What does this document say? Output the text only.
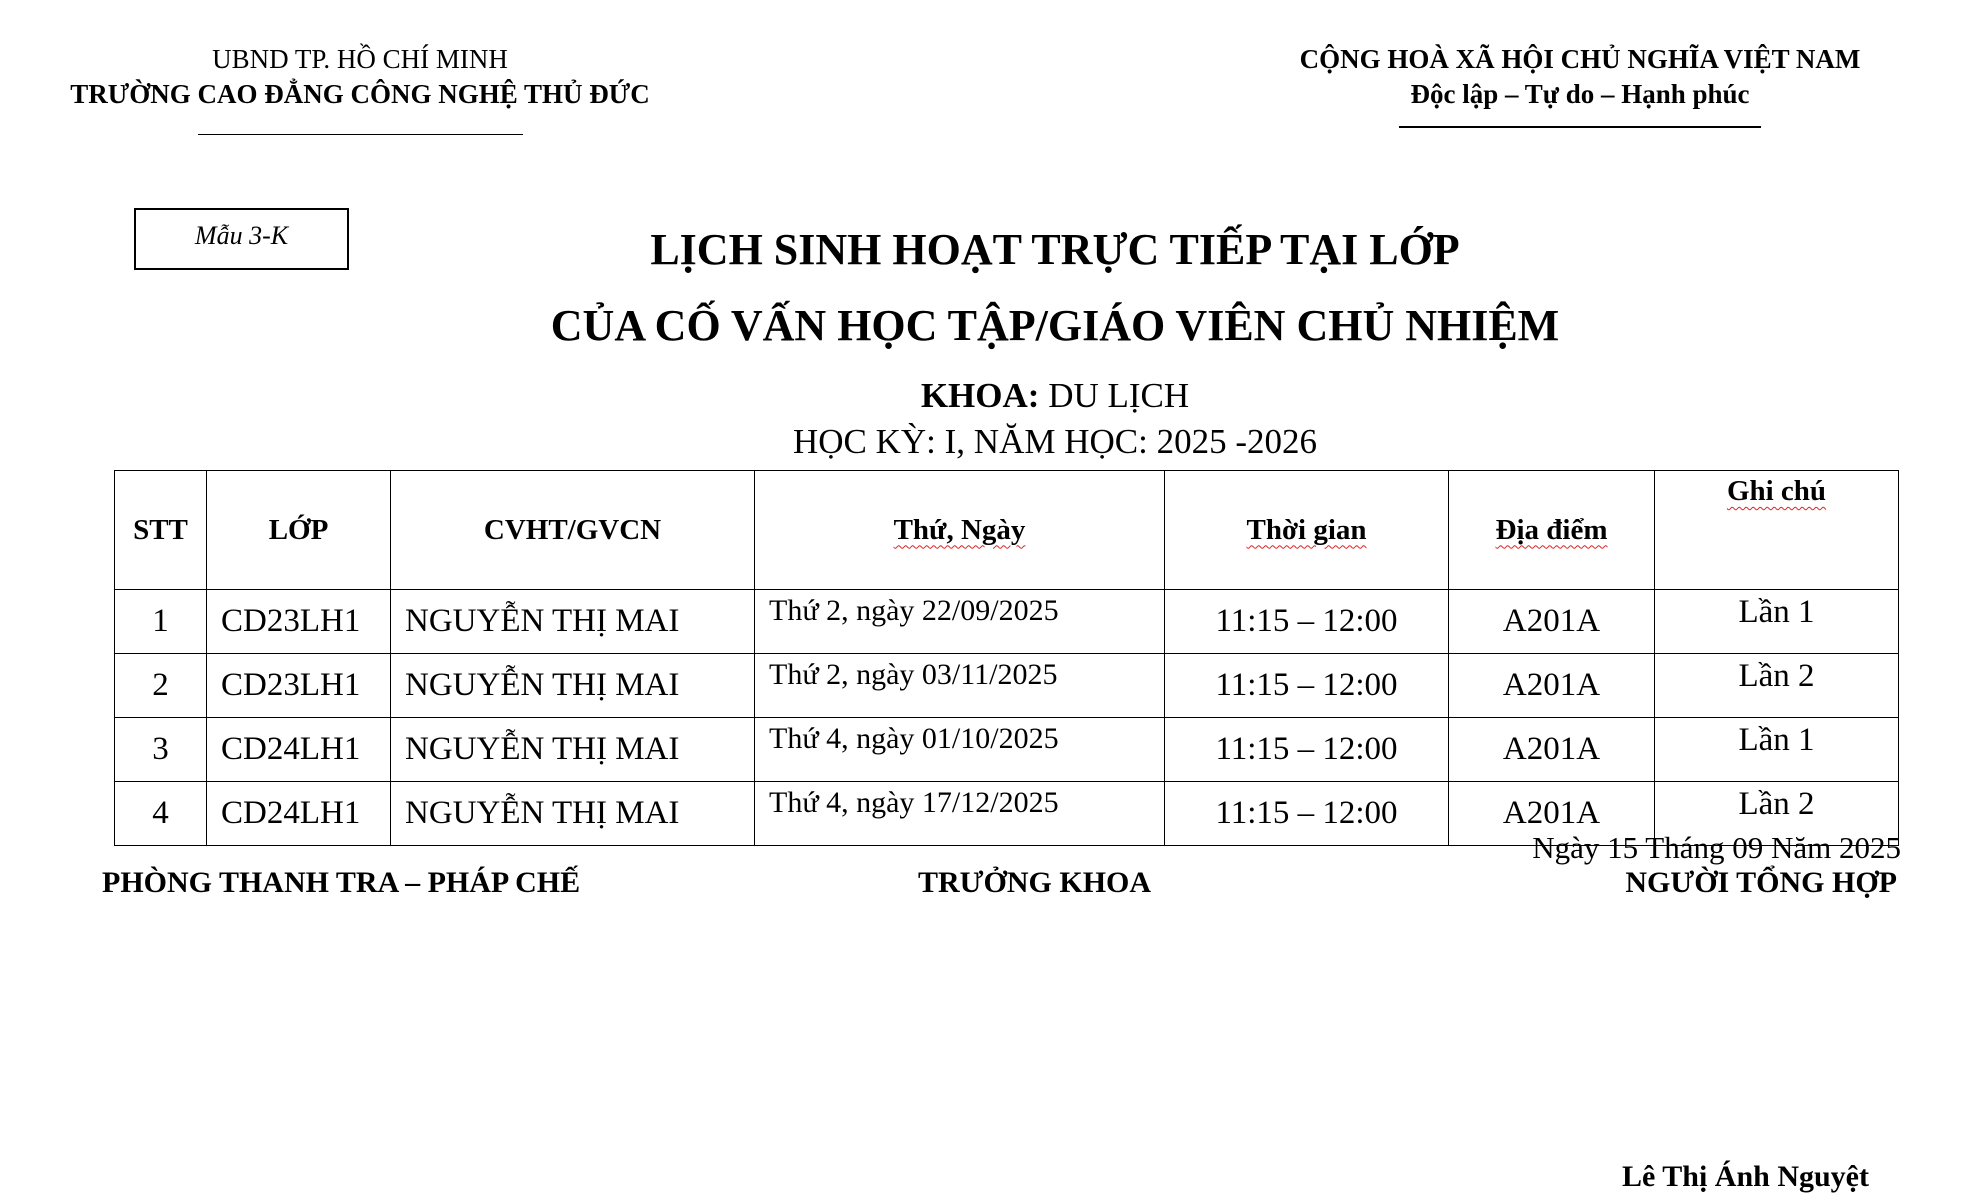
UBND TP. HỒ CHÍ MINH
TRƯỜNG CAO ĐẲNG CÔNG NGHỆ THỦ ĐỨC
CỘNG HOÀ XÃ HỘI CHỦ NGHĨA VIỆT NAM
Độc lập – Tự do – Hạnh phúc
Mẫu 3-K	LỊCH SINH HOẠT TRỰC TIẾP TẠI LỚP
CỦA CỐ VẤN HỌC TẬP/GIÁO VIÊN CHỦ NHIỆM
KHOA: DU LỊCH
HỌC KỲ: I, NĂM HỌC: 2025 -2026
STT	LỚP	CVHT/GVCN	Thứ, Ngày	Thời gian	Địa điểm	Ghi chú
1	CD23LH1	NGUYỄN THỊ MAI	Thứ 2, ngày 22/09/2025	11:15 – 12:00	A201A	Lần 1
2	CD23LH1	NGUYỄN THỊ MAI	Thứ 2, ngày 03/11/2025	11:15 – 12:00	A201A	Lần 2
3	CD24LH1	NGUYỄN THỊ MAI	Thứ 4, ngày 01/10/2025	11:15 – 12:00	A201A	Lần 1
4	CD24LH1	NGUYỄN THỊ MAI	Thứ 4, ngày 17/12/2025	11:15 – 12:00	A201A	Lần 2
Ngày 15 Tháng 09 Năm 2025
PHÒNG THANH TRA – PHÁP CHẾ	TRƯỞNG KHOA	NGƯỜI TỔNG HỢP
Lê Thị Ánh Nguyệt
